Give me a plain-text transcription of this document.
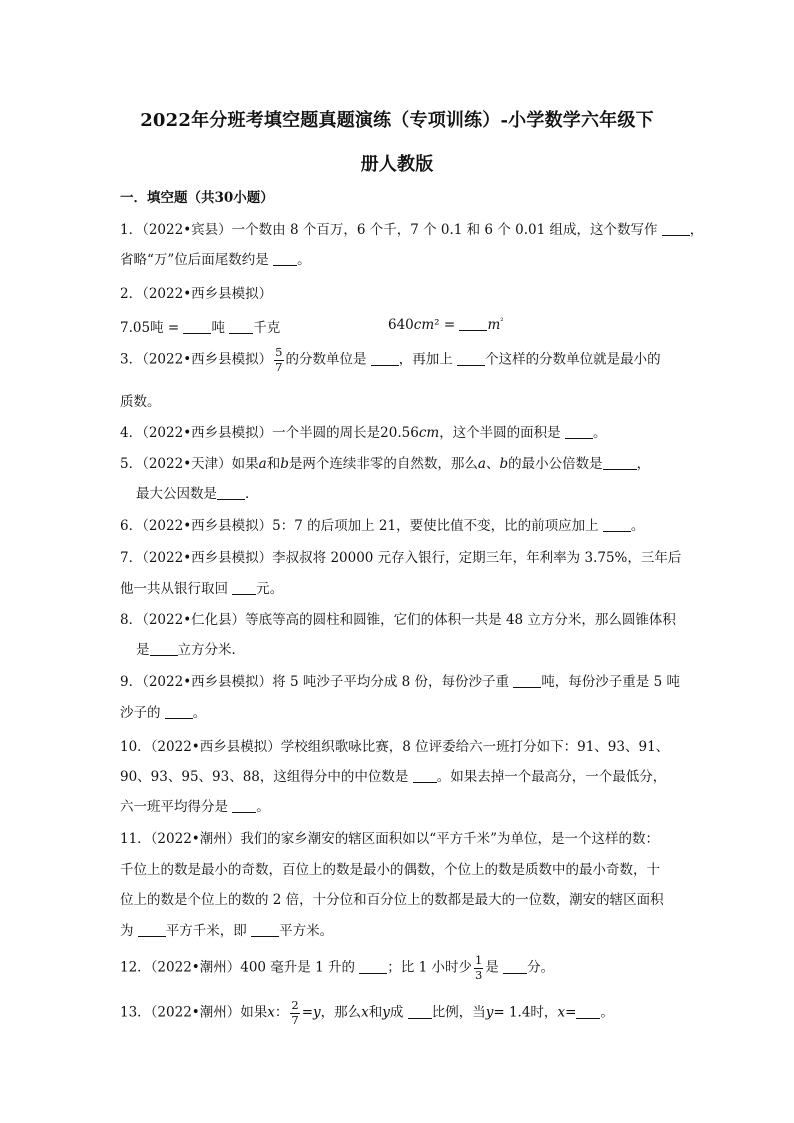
2022年分班考填空题真题演练（专项训练）-小学数学六年级下
册人教版
一．填空题（共30小题）
1．（2022•宾县）一个数由 8 个百万，6 个千，7 个 0.1 和 6 个 0.01 组成，这个数写作 ，
省略“万”位后面尾数约是 。
2．（2022•西乡县模拟）
7.05吨 = 吨 千克	$640cm^2 = m^{^2}$
3．（2022•西乡县模拟） $\frac{5}{7}$ 的分数单位是 ，再加上 个这样的分数单位就是最小的
质数。
4．（2022•西乡县模拟）一个半圆的周长是20.56cm，这个半圆的面积是 。
5．（2022•天津）如果a和b是两个连续非零的自然数，那么a、b的最小公倍数是	，
最大公因数是 ．
6．（2022•西乡县模拟）5：7 的后项加上 21，要使比值不变，比的前项应加上 。
7．（2022•西乡县模拟）李叔叔将 20000 元存入银行，定期三年，年利率为 3.75%，三年后
他一共从银行取回 元。
8．（2022•仁化县）等底等高的圆柱和圆锥，它们的体积一共是 48 立方分米，那么圆锥体积
是 立方分米．
9．（2022•西乡县模拟）将 5 吨沙子平均分成 8 份，每份沙子重 吨，每份沙子重是 5 吨
沙子的 。
10．（2022•西乡县模拟）学校组织歌咏比赛，8 位评委给六一班打分如下：91、93、91、
90、93、95、93、88，这组得分中的中位数是 。如果去掉一个最高分，一个最低分，
六一班平均得分是 。
11．（2022•潮州）我们的家乡潮安的辖区面积如以“平方千米”为单位，是一个这样的数：
千位上的数是最小的奇数，百位上的数是最小的偶数，个位上的数是质数中的最小奇数，十
位上的数是个位上的数的 2 倍，十分位和百分位上的数都是最大的一位数，潮安的辖区面积
为 平方千米，即 平方米。
12．（2022•潮州）400 毫升是 1 升的 ；比 1 小时少 $\frac{1}{3}$ 是 分。
13．（2022•潮州）如果x： $\frac{2}{7} =y$，那么x和y成 比例，当y= 1.4时，x= 。
